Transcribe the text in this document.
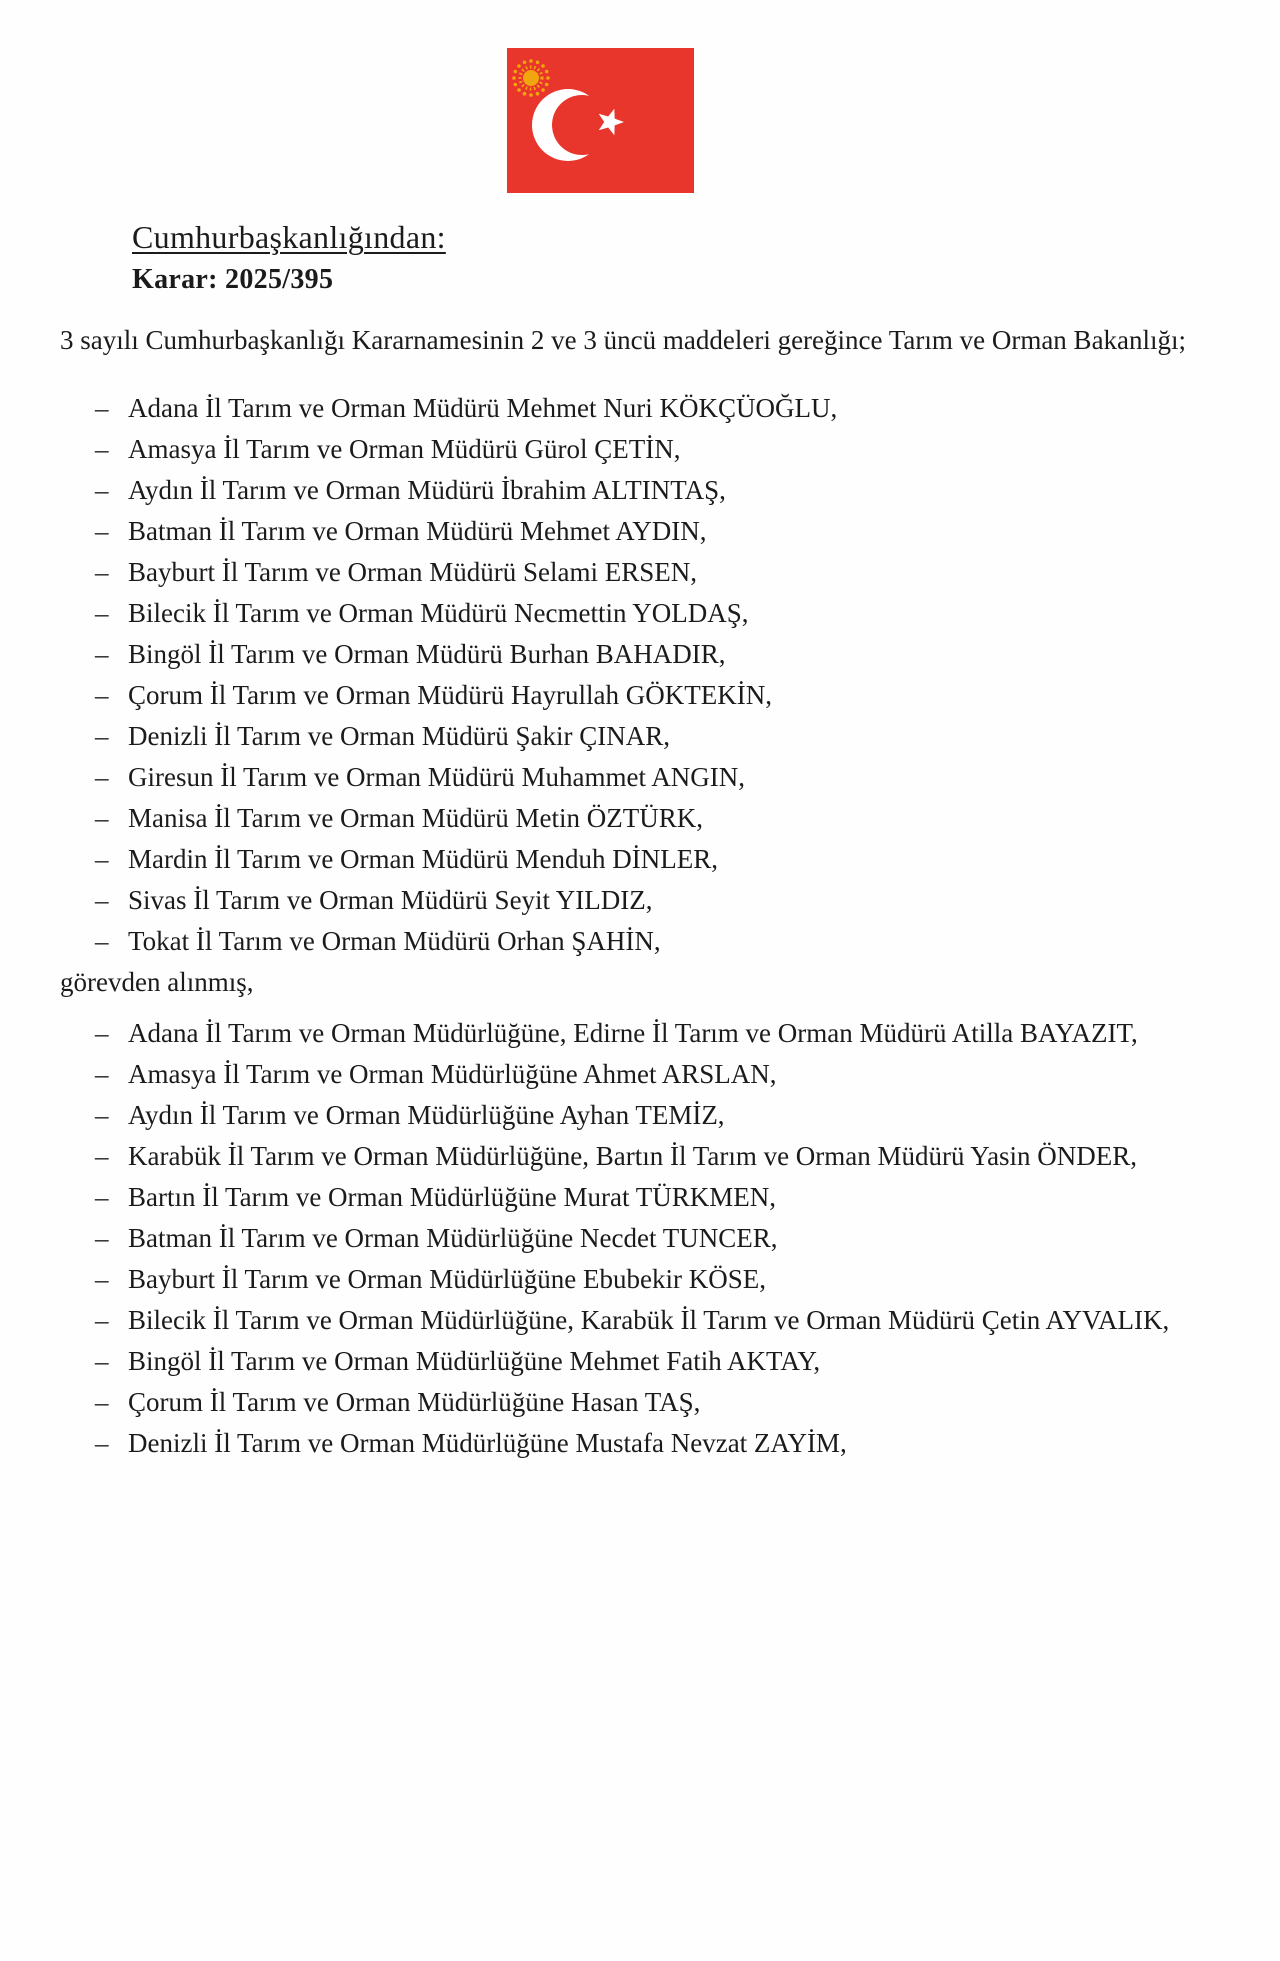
Cumhurbaşkanlığından:
Karar: 2025/395

3 sayılı Cumhurbaşkanlığı Kararnamesinin 2 ve 3 üncü maddeleri gereğince Tarım ve Orman Bakanlığı;

– Adana İl Tarım ve Orman Müdürü Mehmet Nuri KÖKÇÜOĞLU,
– Amasya İl Tarım ve Orman Müdürü Gürol ÇETİN,
– Aydın İl Tarım ve Orman Müdürü İbrahim ALTINTAŞ,
– Batman İl Tarım ve Orman Müdürü Mehmet AYDIN,
– Bayburt İl Tarım ve Orman Müdürü Selami ERSEN,
– Bilecik İl Tarım ve Orman Müdürü Necmettin YOLDAŞ,
– Bingöl İl Tarım ve Orman Müdürü Burhan BAHADIR,
– Çorum İl Tarım ve Orman Müdürü Hayrullah GÖKTEKİN,
– Denizli İl Tarım ve Orman Müdürü Şakir ÇINAR,
– Giresun İl Tarım ve Orman Müdürü Muhammet ANGIN,
– Manisa İl Tarım ve Orman Müdürü Metin ÖZTÜRK,
– Mardin İl Tarım ve Orman Müdürü Menduh DİNLER,
– Sivas İl Tarım ve Orman Müdürü Seyit YILDIZ,
– Tokat İl Tarım ve Orman Müdürü Orhan ŞAHİN,
görevden alınmış,
– Adana İl Tarım ve Orman Müdürlüğüne, Edirne İl Tarım ve Orman Müdürü Atilla BAYAZIT,
– Amasya İl Tarım ve Orman Müdürlüğüne Ahmet ARSLAN,
– Aydın İl Tarım ve Orman Müdürlüğüne Ayhan TEMİZ,
– Karabük İl Tarım ve Orman Müdürlüğüne, Bartın İl Tarım ve Orman Müdürü Yasin ÖNDER,
– Bartın İl Tarım ve Orman Müdürlüğüne Murat TÜRKMEN,
– Batman İl Tarım ve Orman Müdürlüğüne Necdet TUNCER,
– Bayburt İl Tarım ve Orman Müdürlüğüne Ebubekir KÖSE,
– Bilecik İl Tarım ve Orman Müdürlüğüne, Karabük İl Tarım ve Orman Müdürü Çetin AYVALIK,
– Bingöl İl Tarım ve Orman Müdürlüğüne Mehmet Fatih AKTAY,
– Çorum İl Tarım ve Orman Müdürlüğüne Hasan TAŞ,
– Denizli İl Tarım ve Orman Müdürlüğüne Mustafa Nevzat ZAYİM,
